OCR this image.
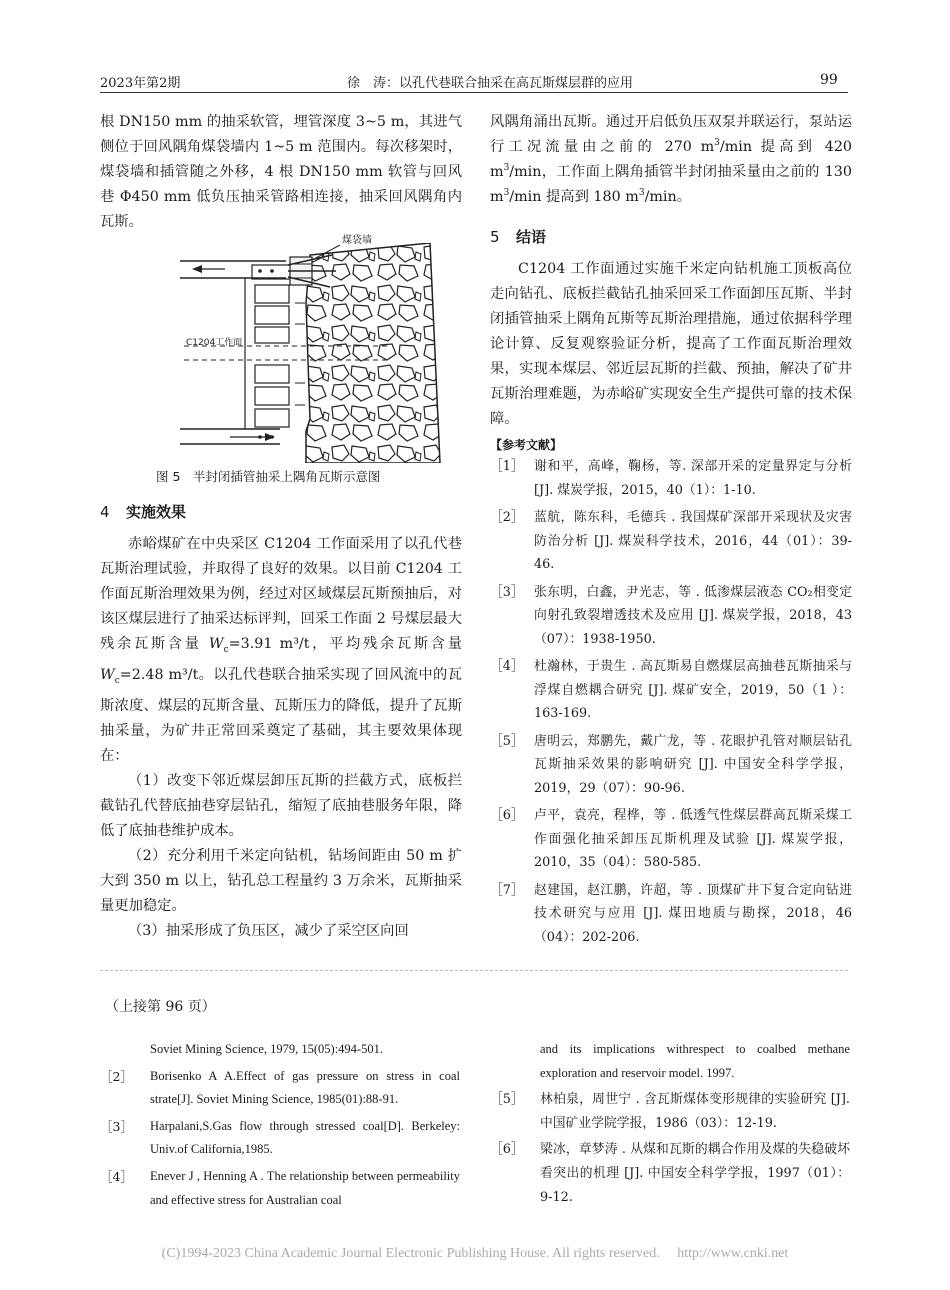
2023年第2期	徐　涛：以孔代巷联合抽采在高瓦斯煤层群的应用	99

根 DN150 mm 的抽采软管，埋管深度 3~5 m，其进气侧位于回风隅角煤袋墙内 1~5 m 范围内。每次移架时，煤袋墙和插管随之外移，4 根 DN150 mm 软管与回风巷 Φ450 mm 低负压抽采管路相连接，抽采回风隅角内瓦斯。

煤袋墙
C1204工作面
图 5　半封闭插管抽采上隅角瓦斯示意图
4 实施效果

赤峪煤矿在中央采区 C1204 工作面采用了以孔代巷瓦斯治理试验，并取得了良好的效果。以目前 C1204 工作面瓦斯治理效果为例，经过对区域煤层瓦斯预抽后，对该区煤层进行了抽采达标评判，回采工作面 2 号煤层最大残余瓦斯含量 $W_c=3.91$ m³/t，平均残余瓦斯含量 $W_c=2.48$ m³/t。以孔代巷联合抽采实现了回风流中的瓦斯浓度、煤层的瓦斯含量、瓦斯压力的降低，提升了瓦斯抽采量，为矿井正常回采奠定了基础，其主要效果体现在：

（1）改变下邻近煤层卸压瓦斯的拦截方式，底板拦截钻孔代替底抽巷穿层钻孔，缩短了底抽巷服务年限，降低了底抽巷维护成本。

（2）充分利用千米定向钻机，钻场间距由 50 m 扩大到 350 m 以上，钻孔总工程量约 3 万余米，瓦斯抽采量更加稳定。

（3）抽采形成了负压区，减少了采空区向回

风隅角涌出瓦斯。通过开启低负压双泵并联运行，泵站运行工况流量由之前的 270 $m^3/\min$ 提高到 420 $m^3/\min$，工作面上隅角插管半封闭抽采量由之前的 130 $m^3/\min$ 提高到 180 $m^3/\min$。

5 结语

C1204 工作面通过实施千米定向钻机施工顶板高位走向钻孔、底板拦截钻孔抽采回采工作面卸压瓦斯、半封闭插管抽采上隅角瓦斯等瓦斯治理措施，通过依据科学理论计算、反复观察验证分析，提高了工作面瓦斯治理效果，实现本煤层、邻近层瓦斯的拦截、预抽，解决了矿井瓦斯治理难题，为赤峪矿实现安全生产提供可靠的技术保障。

【参考文献】
［1］ 谢和平，高峰，鞠杨，等. 深部开采的定量界定与分析 [J]. 煤炭学报，2015，40（1）：1-10.
［2］ 蓝航，陈东科，毛德兵 . 我国煤矿深部开采现状及灾害防治分析 [J]. 煤炭科学技术，2016，44（01）：39-46.
［3］ 张东明，白鑫，尹光志，等 . 低渗煤层液态 CO₂相变定向射孔致裂增透技术及应用 [J]. 煤炭学报，2018，43（07）：1938-1950.
［4］ 杜瀚林，于贵生 . 高瓦斯易自燃煤层高抽巷瓦斯抽采与浮煤自燃耦合研究 [J]. 煤矿安全，2019，50（1 ）：163-169.
［5］ 唐明云，郑鹏先，戴广龙，等 . 花眼护孔管对顺层钻孔瓦斯抽采效果的影响研究 [J]. 中国安全科学学报，2019，29（07）：90-96.
［6］ 卢平，袁亮，程桦，等 . 低透气性煤层群高瓦斯采煤工作面强化抽采卸压瓦斯机理及试验 [J]. 煤炭学报，2010，35（04）：580-585.
［7］ 赵建国，赵江鹏，许超，等 . 顶煤矿井下复合定向钻进技术研究与应用 [J]. 煤田地质与勘探，2018，46（04）：202-206.
（上接第 96 页）
Soviet Mining Science, 1979, 15(05):494-501.
［2］	Borisenko A A.Effect of gas pressure on stress in coal strate[J]. Soviet Mining Science, 1985(01):88-91.
［3］	Harpalani,S.Gas flow through stressed coal[D]. Berkeley: Univ.of California,1985.
［4］	Enever J , Henning A . The relationship between permeability and effective stress for Australian coal
and its implications withrespect to coalbed methane exploration and reservoir model. 1997.
［5］	林柏泉，周世宁 . 含瓦斯煤体变形规律的实验研究 [J]. 中国矿业学院学报，1986（03）：12-19.
［6］	梁冰，章梦涛 . 从煤和瓦斯的耦合作用及煤的失稳破坏看突出的机理 [J]. 中国安全科学学报，1997（01）：9-12.
(C)1994-2023 China Academic Journal Electronic Publishing House. All rights reserved.　 http://www.cnki.net
